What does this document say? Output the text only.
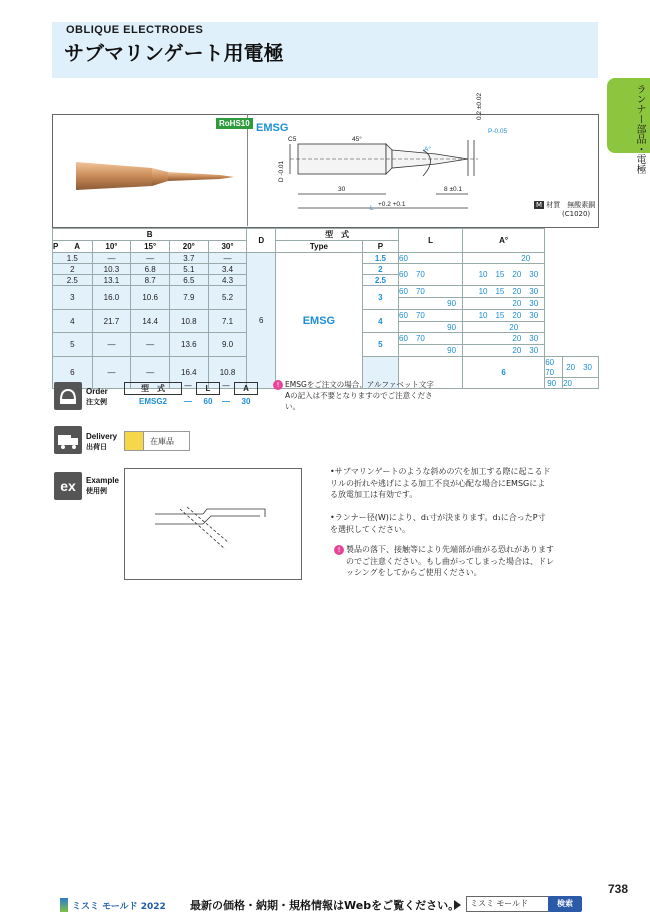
OBLIQUE ELECTRODES
サブマリンゲート用電極
ランナー部品・電極
RoHS10 EMSG
D -0.01
C5	45°
A°
0.2 ±0.02
P-0.05
30	8 ±0.1
L
+0.2 +0.1	M 材質　 無酸素銅
(C1020)
B					D	型　式		L	A°		
P　　 A	10°	15°	20°	30°		Type	P				
1.5	—	—	3.7	—	6	EMSG	1.5	60	20		
2	10.3	6.8	5.1	3.4			2	60　 70	10　 15　 20　 30		
2.5	13.1	8.7	6.5	4.3			2.5				
3	16.0	10.6	7.9	5.2			3	60　 70	10　 15　 20　 30		
								90	20　 30		
4	21.7	14.4	10.8	7.1			4	60　 70	10　 15　 20　 30		
								90	20		
5	—	—	13.6	9.0			5	60　 70	20　 30		
								90	20　 30		
6	—	—	16.4	10.8					6	60　70	20　 30
										90	20
Order
注文例
型　式	—	L	—	A
EMSG2	—	60	—	30
! EMSGをご注文の場合、アルファベット文字Aの記入は不要となりますのでご注意ください。
Delivery
出荷日
在庫品
ex	Example
使用例
•サブマリンゲートのような斜めの穴を加工する際に起こるドリルの折れや逃げによる加工不良が心配な場合にEMSGによる放電加工は有効です。
•ランナー径(W)により、d₁寸が決まります。d₁に合ったP寸を選択してください。
! 製品の落下、接触等により先端部が曲がる恐れがありますのでご注意ください。もし曲がってしまった場合は、ドレッシングをしてからご使用ください。
738
ミスミ モールド 2022 最新の価格・納期・規格情報はWebをご覧ください。	ミスミ モールド	検索
